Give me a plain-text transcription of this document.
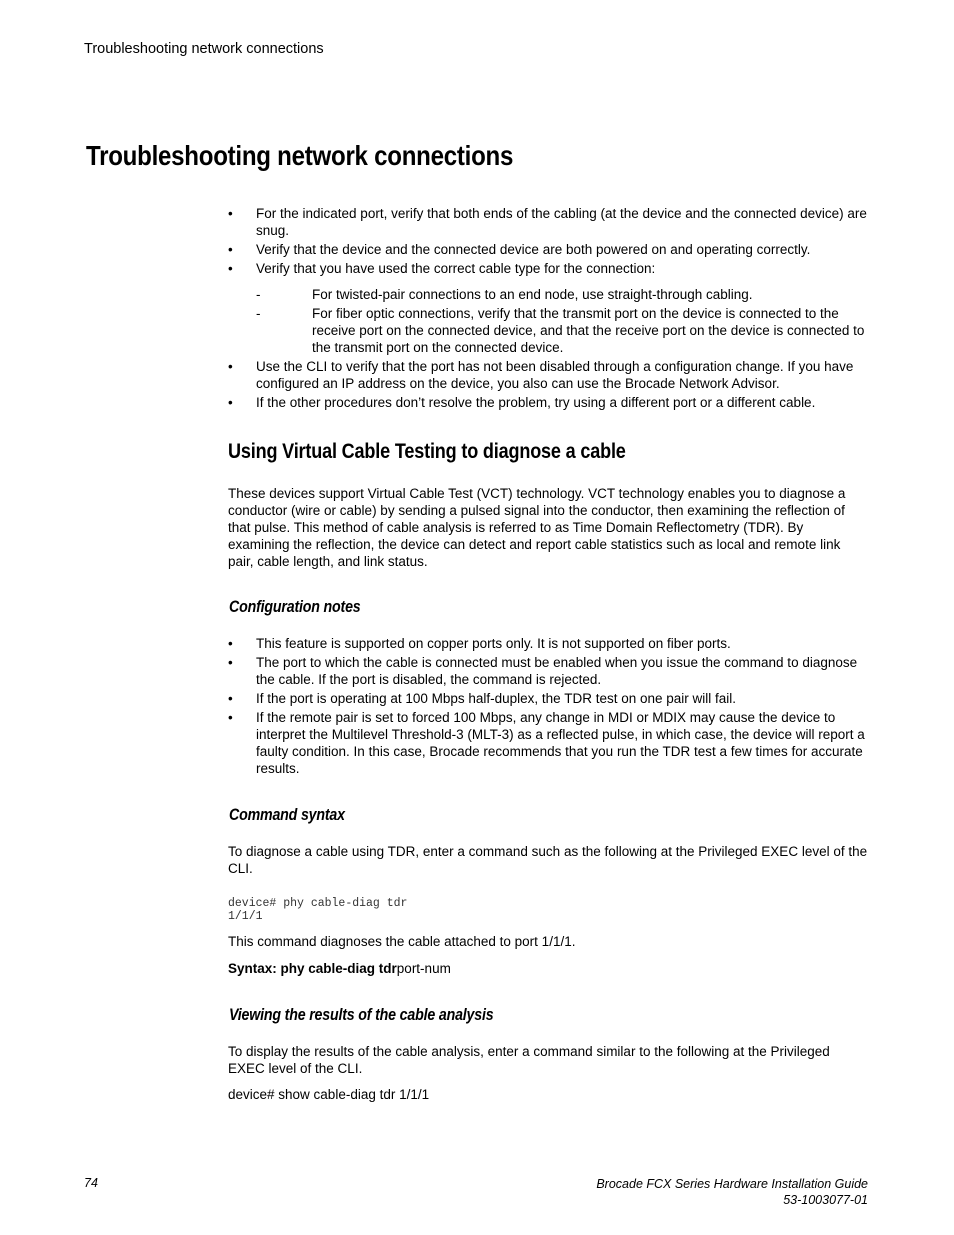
Troubleshooting network connections
Troubleshooting network connections
• For the indicated port, verify that both ends of the cabling (at the device and the connected device) are snug.
• Verify that the device and the connected device are both powered on and operating correctly.
• Verify that you have used the correct cable type for the connection:
-	For twisted-pair connections to an end node, use straight-through cabling.
-	For fiber optic connections, verify that the transmit port on the device is connected to the receive port on the connected device, and that the receive port on the device is connected to the transmit port on the connected device.
• Use the CLI to verify that the port has not been disabled through a configuration change. If you have configured an IP address on the device, you also can use the Brocade Network Advisor.
• If the other procedures don’t resolve the problem, try using a different port or a different cable.
Using Virtual Cable Testing to diagnose a cable

These devices support Virtual Cable Test (VCT) technology. VCT technology enables you to diagnose a conductor (wire or cable) by sending a pulsed signal into the conductor, then examining the reflection of that pulse. This method of cable analysis is referred to as Time Domain Reflectometry (TDR). By examining the reflection, the device can detect and report cable statistics such as local and remote link pair, cable length, and link status.

Configuration notes
• This feature is supported on copper ports only. It is not supported on fiber ports.
• The port to which the cable is connected must be enabled when you issue the command to diagnose the cable. If the port is disabled, the command is rejected.
• If the port is operating at 100 Mbps half-duplex, the TDR test on one pair will fail.
• If the remote pair is set to forced 100 Mbps, any change in MDI or MDIX may cause the device to interpret the Multilevel Threshold-3 (MLT-3) as a reflected pulse, in which case, the device will report a faulty condition. In this case, Brocade recommends that you run the TDR test a few times for accurate results.
Command syntax

To diagnose a cable using TDR, enter a command such as the following at the Privileged EXEC level of the CLI.

device# phy cable-diag tdr
1/1/1

This command diagnoses the cable attached to port 1/1/1.

Syntax: phy cable-diag tdrport-num

Viewing the results of the cable analysis

To display the results of the cable analysis, enter a command similar to the following at the Privileged EXEC level of the CLI.

device# show cable-diag tdr 1/1/1

74	Brocade FCX Series Hardware Installation Guide
53-1003077-01
